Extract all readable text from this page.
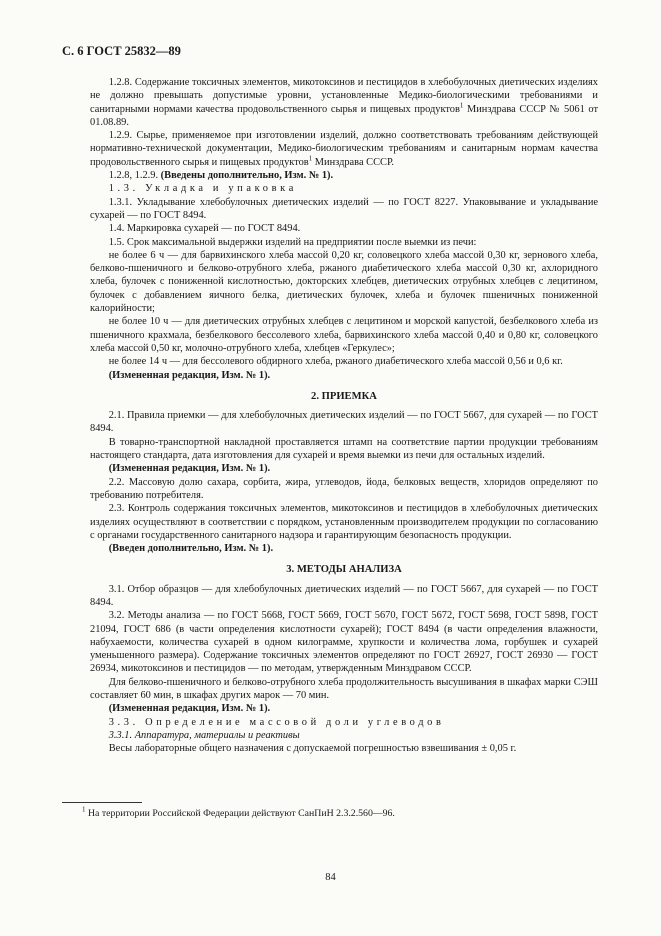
С. 6 ГОСТ 25832—89

1.2.8. Содержание токсичных элементов, микотоксинов и пестицидов в хлебобулочных диетических изделиях не должно превышать допустимые уровни, установленные Медико-биологическими требованиями и санитарными нормами качества продовольственного сырья и пищевых продуктов$^1$ Минздрава СССР № 5061 от 01.08.89.

1.2.9. Сырье, применяемое при изготовлении изделий, должно соответствовать требованиям действующей нормативно-технической документации, Медико-биологическим требованиям и санитарным нормам качества продовольственного сырья и пищевых продуктов$^1$ Минздрава СССР.

1.2.8, 1.2.9. (Введены дополнительно, Изм. № 1).

1.3. Укладка и упаковка

1.3.1. Укладывание хлебобулочных диетических изделий — по ГОСТ 8227. Упаковывание и укладывание сухарей — по ГОСТ 8494.

1.4. Маркировка сухарей — по ГОСТ 8494.

1.5. Срок максимальной выдержки изделий на предприятии после выемки из печи:

не более 6 ч — для барвихинского хлеба массой 0,20 кг, соловецкого хлеба массой 0,30 кг, зернового хлеба, белково-пшеничного и белково-отрубного хлеба, ржаного диабетического хлеба массой 0,30 кг, ахлоридного хлеба, булочек с пониженной кислотностью, докторских хлебцев, диетических отрубных хлебцев с лецитином, булочек с добавлением яичного белка, диетических булочек, хлеба и булочек пшеничных пониженной калорийности;

не более 10 ч — для диетических отрубных хлебцев с лецитином и морской капустой, безбелкового хлеба из пшеничного крахмала, безбелкового бессолевого хлеба, барвихинского хлеба массой 0,40 и 0,80 кг, соловецкого хлеба массой 0,50 кг, молочно-отрубного хлеба, хлебцев «Геркулес»;

не более 14 ч — для бессолевого обдирного хлеба, ржаного диабетического хлеба массой 0,56 и 0,6 кг.

(Измененная редакция, Изм. № 1).

2. ПРИЕМКА

2.1. Правила приемки — для хлебобулочных диетических изделий — по ГОСТ 5667, для сухарей — по ГОСТ 8494.

В товарно-транспортной накладной проставляется штамп на соответствие партии продукции требованиям настоящего стандарта, дата изготовления для сухарей и время выемки из печи для остальных изделий.

(Измененная редакция, Изм. № 1).

2.2. Массовую долю сахара, сорбита, жира, углеводов, йода, белковых веществ, хлоридов определяют по требованию потребителя.

2.3. Контроль содержания токсичных элементов, микотоксинов и пестицидов в хлебобулочных диетических изделиях осуществляют в соответствии с порядком, установленным производителем продукции по согласованию с органами государственного санитарного надзора и гарантирующим безопасность продукции.

(Введен дополнительно, Изм. № 1).

3. МЕТОДЫ АНАЛИЗА

3.1. Отбор образцов — для хлебобулочных диетических изделий — по ГОСТ 5667, для сухарей — по ГОСТ 8494.

3.2. Методы анализа — по ГОСТ 5668, ГОСТ 5669, ГОСТ 5670, ГОСТ 5672, ГОСТ 5698, ГОСТ 5898, ГОСТ 21094, ГОСТ 686 (в части определения кислотности сухарей); ГОСТ 8494 (в части определения влажности, набухаемости, количества сухарей в одном килограмме, хрупкости и количества лома, горбушек и сухарей уменьшенного размера). Содержание токсичных элементов определяют по ГОСТ 26927, ГОСТ 26930 — ГОСТ 26934, микотоксинов и пестицидов — по методам, утвержденным Минздравом СССР.

Для белково-пшеничного и белково-отрубного хлеба продолжительность высушивания в шкафах марки СЭШ составляет 60 мин, в шкафах других марок — 70 мин.

(Измененная редакция, Изм. № 1).

3.3. Определение массовой доли углеводов

3.3.1. Аппаратура, материалы и реактивы

Весы лабораторные общего назначения с допускаемой погрешностью взвешивания ± 0,05 г.

$^1$ На территории Российской Федерации действуют СанПиН 2.3.2.560—96.
84
